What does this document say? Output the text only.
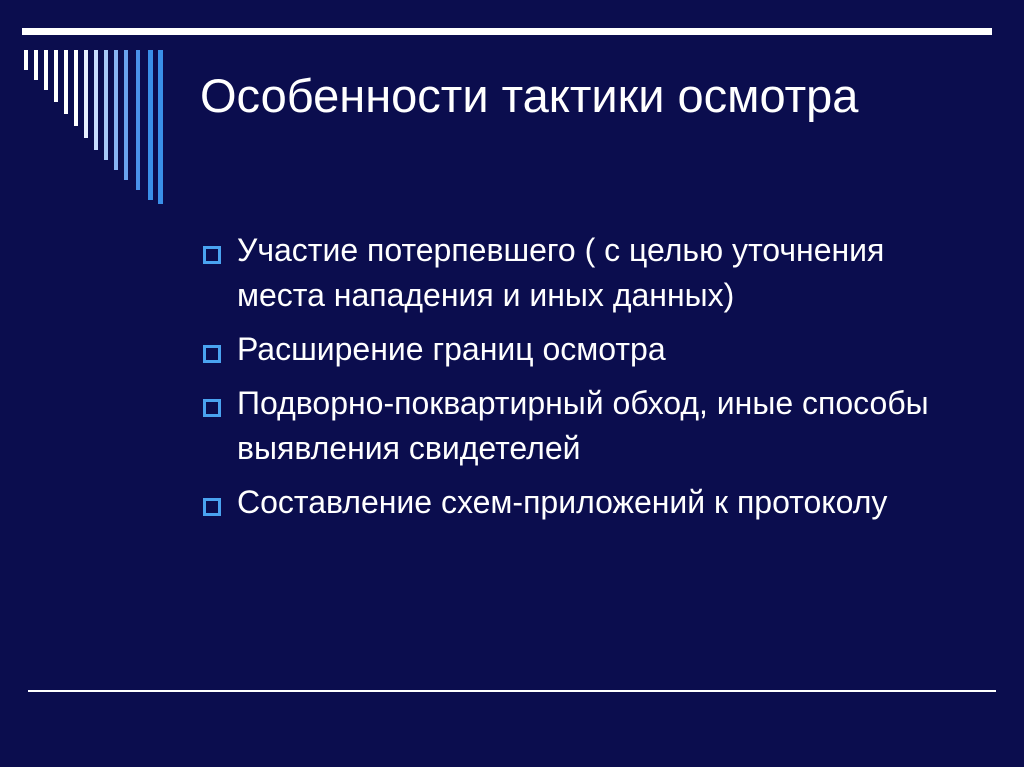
Особенности тактики осмотра
Участие потерпевшего ( с целью уточнения места нападения и иных данных)
Расширение границ осмотра
Подворно-поквартирный обход, иные способы выявления свидетелей
Составление схем-приложений к протоколу
